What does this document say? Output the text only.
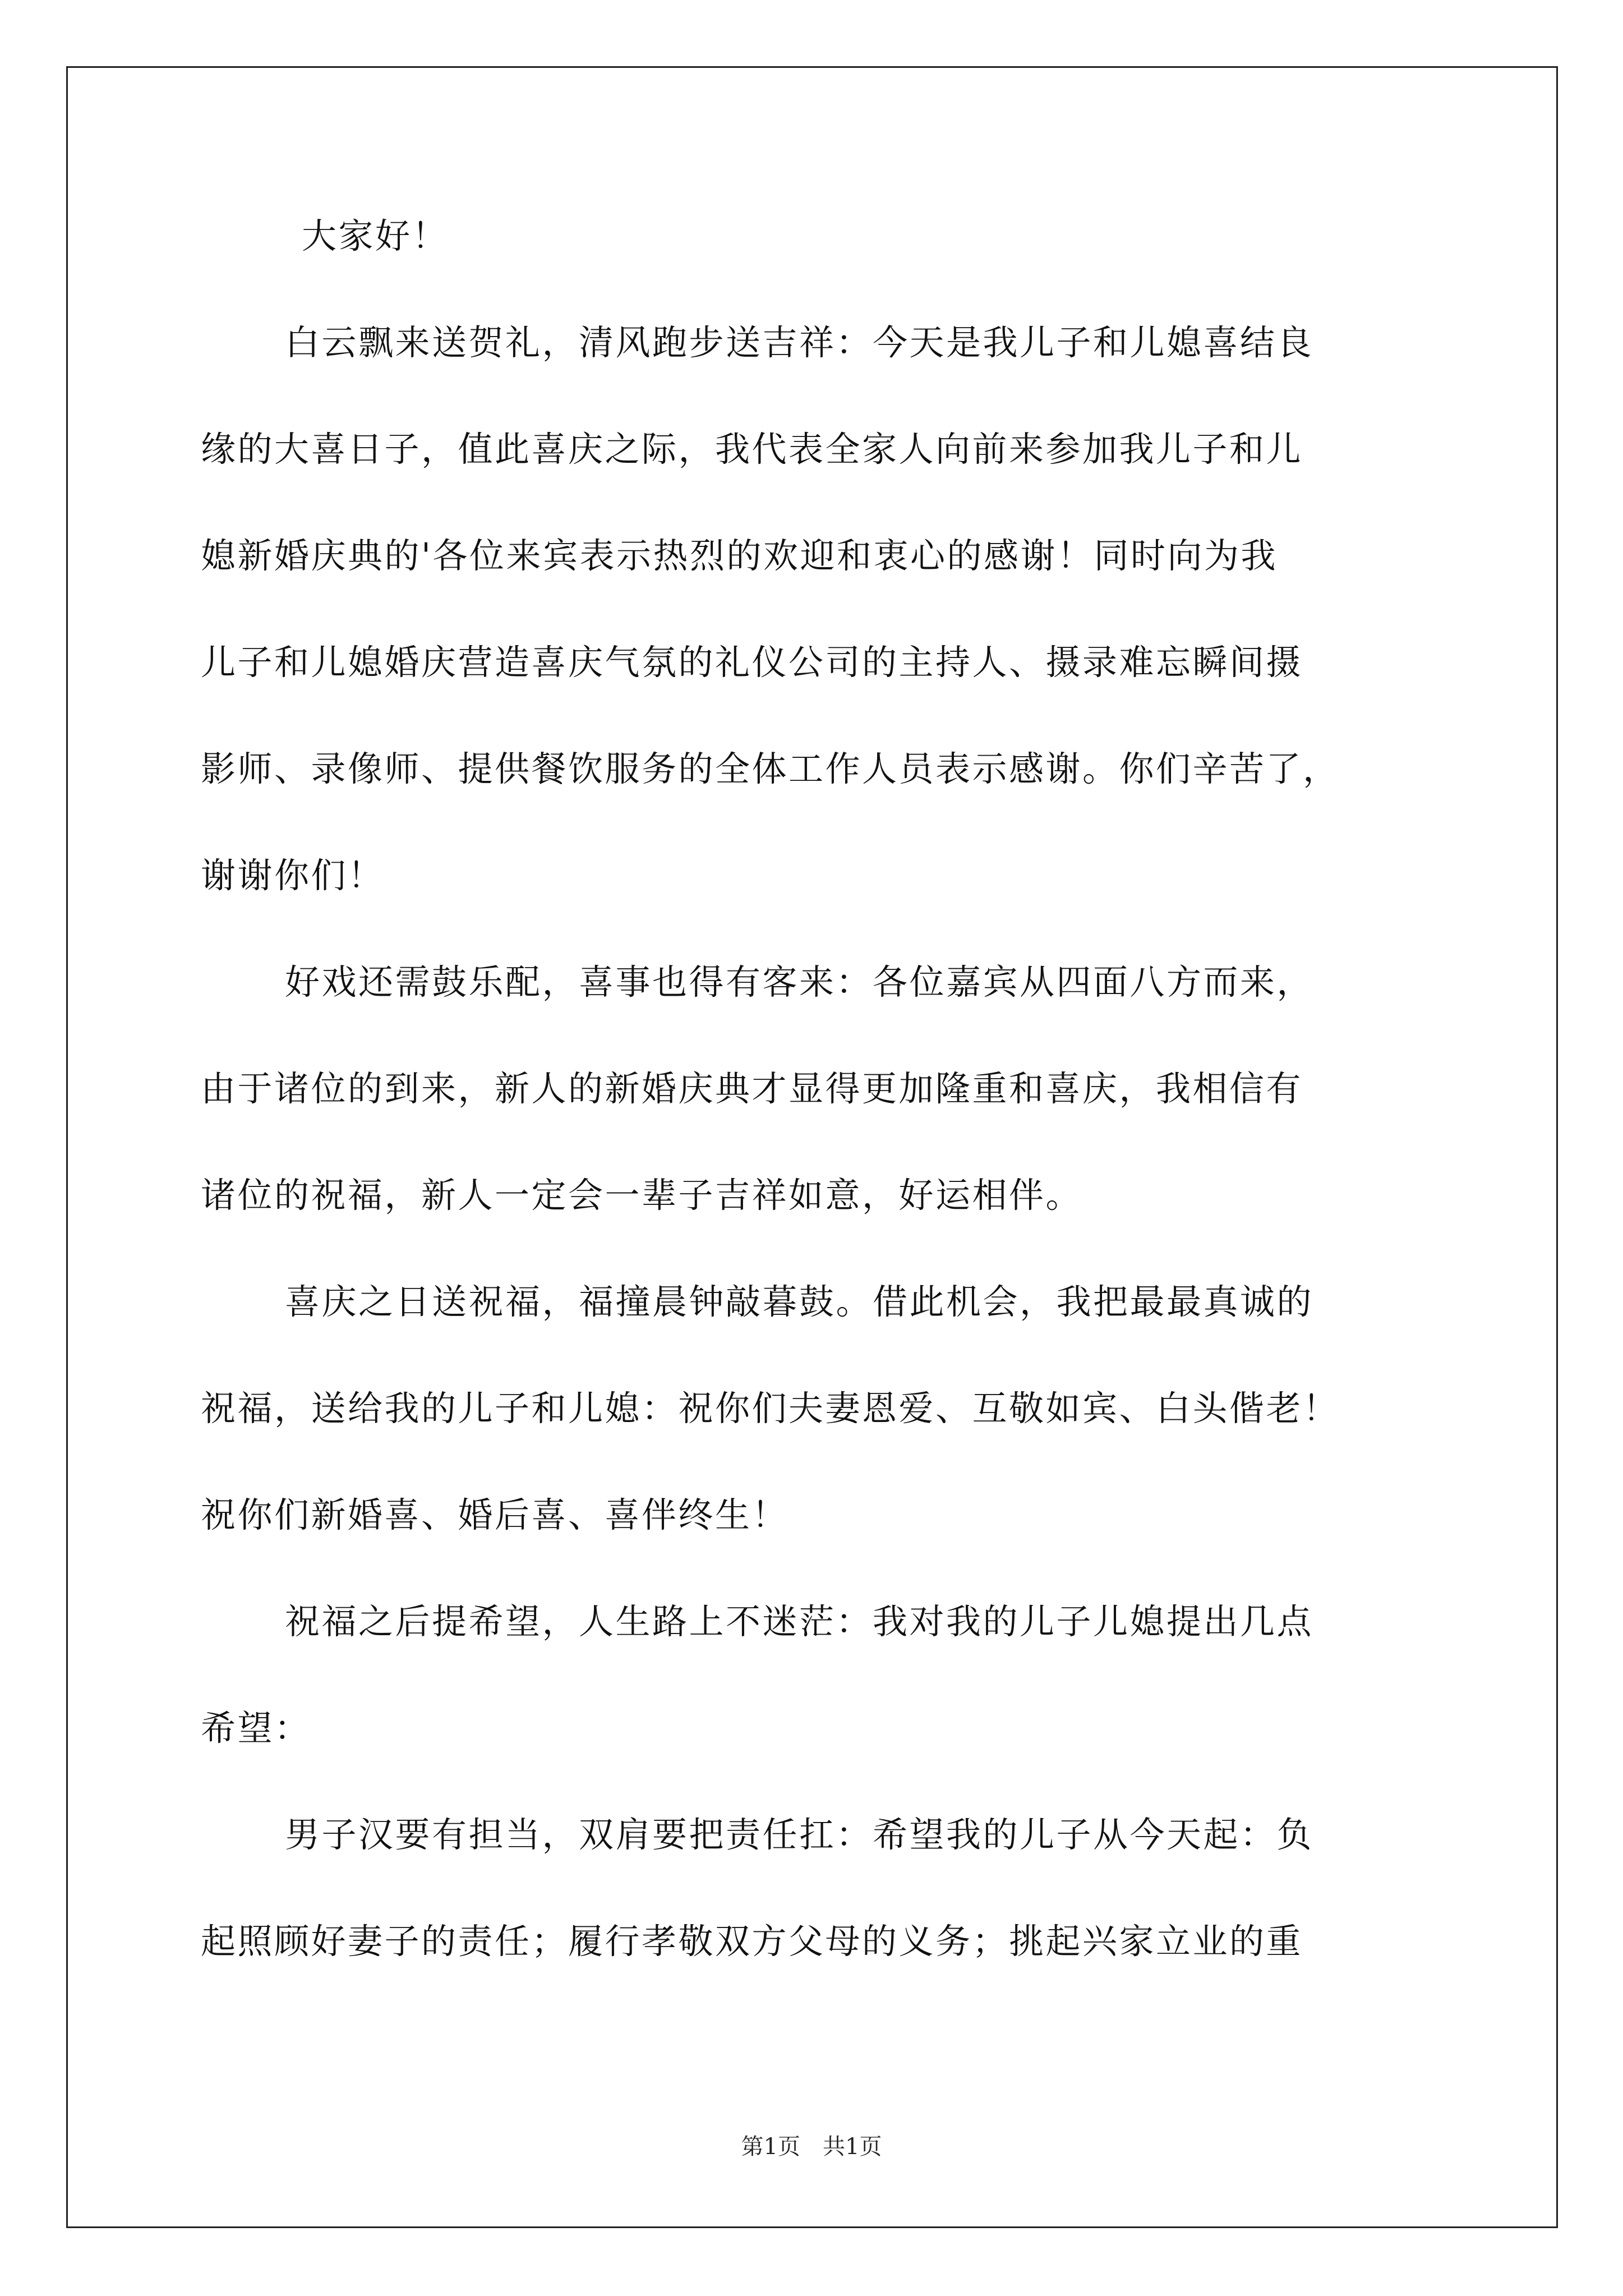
大家好！
白云飘来送贺礼，清风跑步送吉祥：今天是我儿子和儿媳喜结良
缘的大喜日子，值此喜庆之际，我代表全家人向前来参加我儿子和儿
媳新婚庆典的'各位来宾表示热烈的欢迎和衷心的感谢！同时向为我
儿子和儿媳婚庆营造喜庆气氛的礼仪公司的主持人、摄录难忘瞬间摄
影师、录像师、提供餐饮服务的全体工作人员表示感谢。你们辛苦了，
谢谢你们！
好戏还需鼓乐配，喜事也得有客来：各位嘉宾从四面八方而来，
由于诸位的到来，新人的新婚庆典才显得更加隆重和喜庆，我相信有
诸位的祝福，新人一定会一辈子吉祥如意，好运相伴。
喜庆之日送祝福，福撞晨钟敲暮鼓。借此机会，我把最最真诚的
祝福，送给我的儿子和儿媳：祝你们夫妻恩爱、互敬如宾、白头偕老！
祝你们新婚喜、婚后喜、喜伴终生！
祝福之后提希望，人生路上不迷茫：我对我的儿子儿媳提出几点
希望：
男子汉要有担当，双肩要把责任扛：希望我的儿子从今天起：负
起照顾好妻子的责任；履行孝敬双方父母的义务；挑起兴家立业的重
第1页　共1页
